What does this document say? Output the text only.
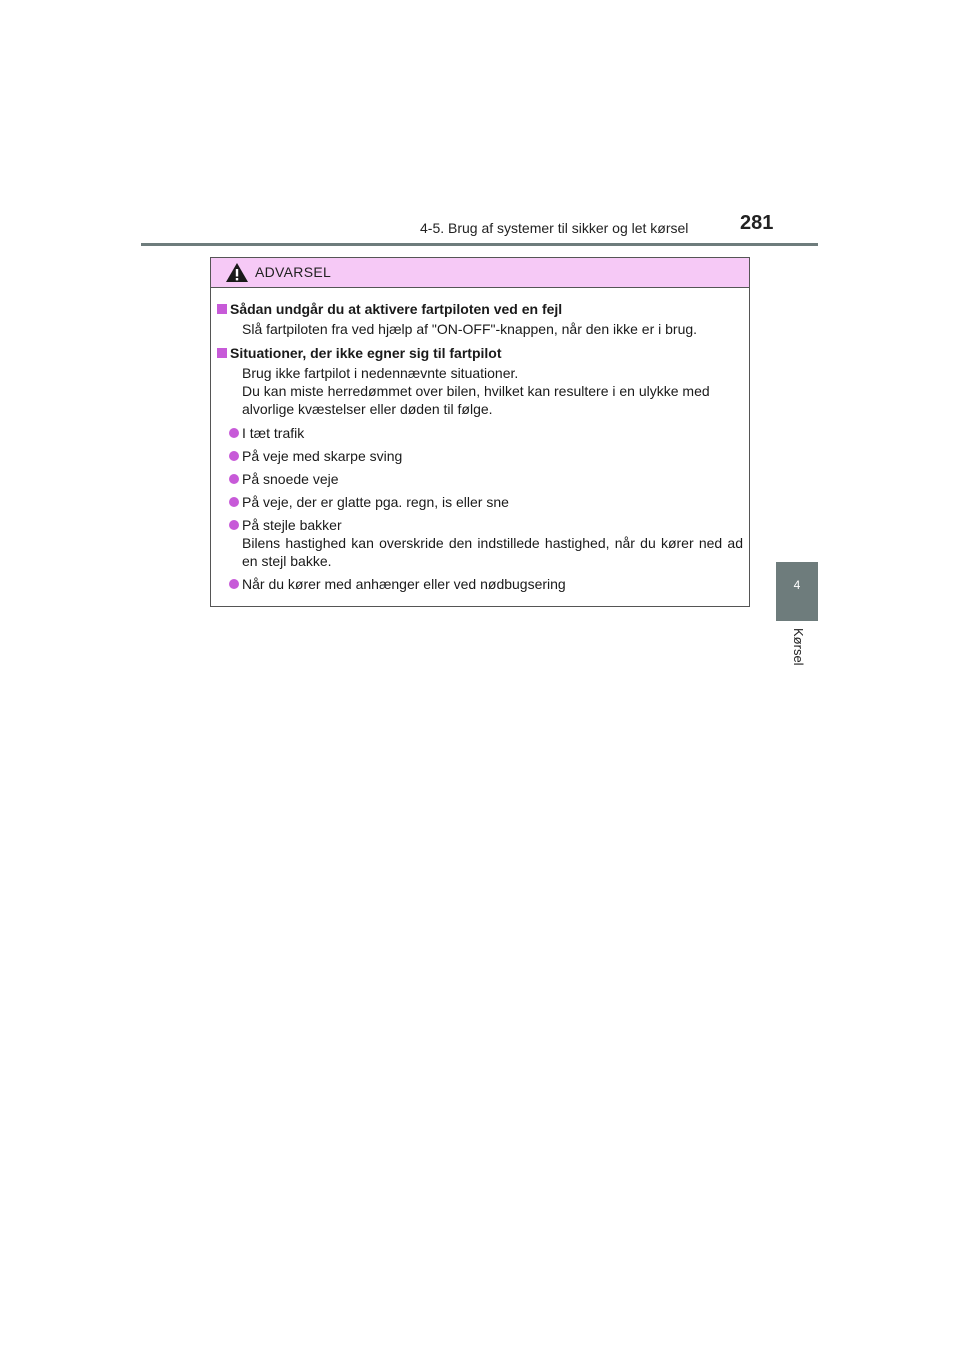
4-5. Brug af systemer til sikker og let kørsel	281
4
Kørsel
ADVARSEL
Sådan undgår du at aktivere fartpiloten ved en fejl
Slå fartpiloten fra ved hjælp af "ON-OFF"-knappen, når den ikke er i brug.
Situationer, der ikke egner sig til fartpilot
Brug ikke fartpilot i nedennævnte situationer.
Du kan miste herredømmet over bilen, hvilket kan resultere i en ulykke med alvorlige kvæstelser eller døden til følge.
I tæt trafik
På veje med skarpe sving
På snoede veje
På veje, der er glatte pga. regn, is eller sne
På stejle bakker
Bilens hastighed kan overskride den indstillede hastighed, når du kører ned ad en stejl bakke.
Når du kører med anhænger eller ved nødbugsering
